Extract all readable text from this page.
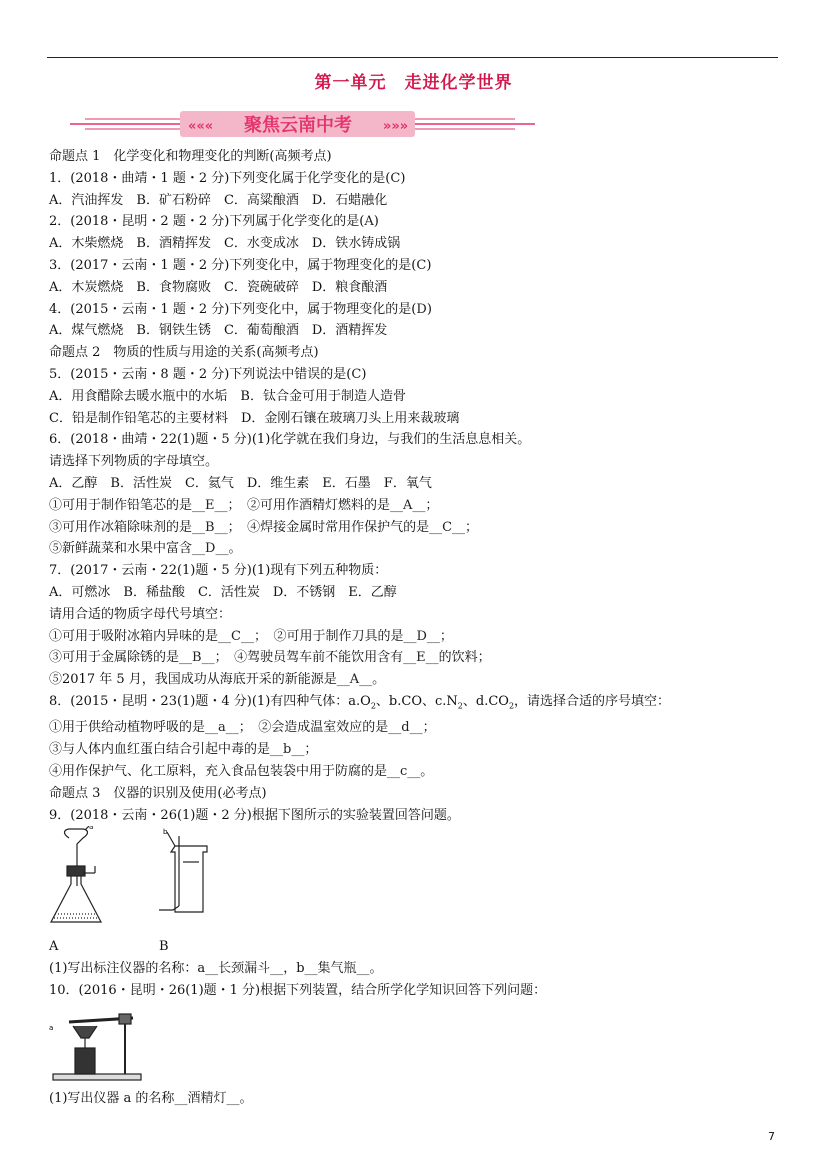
第一单元　走进化学世界
«««	»»»
聚焦云南中考
命题点 1　化学变化和物理变化的判断(高频考点)
1．(2018・曲靖・1 题・2 分)下列变化属于化学变化的是(C)
A．汽油挥发　B．矿石粉碎　C．高粱酿酒　D．石蜡融化
2．(2018・昆明・2 题・2 分)下列属于化学变化的是(A)
A．木柴燃烧　B．酒精挥发　C．水变成冰　D．铁水铸成锅
3．(2017・云南・1 题・2 分)下列变化中，属于物理变化的是(C)
A．木炭燃烧　B．食物腐败　C．瓷碗破碎　D．粮食酿酒
4．(2015・云南・1 题・2 分)下列变化中，属于物理变化的是(D)
A．煤气燃烧　B．钢铁生锈　C．葡萄酿酒　D．酒精挥发
命题点 2　物质的性质与用途的关系(高频考点)
5．(2015・云南・8 题・2 分)下列说法中错误的是(C)
A．用食醋除去暖水瓶中的水垢　B．钛合金可用于制造人造骨
C．铅是制作铅笔芯的主要材料　D．金刚石镶在玻璃刀头上用来裁玻璃
6．(2018・曲靖・22(1)题・5 分)(1)化学就在我们身边，与我们的生活息息相关。
请选择下列物质的字母填空。
A．乙醇　B．活性炭　C．氦气　D．维生素　E．石墨　F．氧气
①可用于制作铅笔芯的是__E__；　②可用作酒精灯燃料的是__A__；
③可用作冰箱除味剂的是__B__；　④焊接金属时常用作保护气的是__C__；
⑤新鲜蔬菜和水果中富含__D__。
7．(2017・云南・22(1)题・5 分)(1)现有下列五种物质：
A．可燃冰　B．稀盐酸　C．活性炭　D．不锈钢　E．乙醇
请用合适的物质字母代号填空：
①可用于吸附冰箱内异味的是__C__；　②可用于制作刀具的是__D__；
③可用于金属除锈的是__B__；　④驾驶员驾车前不能饮用含有__E__的饮料；
⑤2017 年 5 月，我国成功从海底开采的新能源是__A__。
8．(2015・昆明・23(1)题・4 分)(1)有四种气体：$a.O_2$、b.CO、$c.N_2$、$d.CO_2$，请选择合适的序号填空：
①用于供给动植物呼吸的是__a__；　②会造成温室效应的是__d__；
③与人体内血红蛋白结合引起中毒的是__b__；
④用作保护气、化工原料，充入食品包装袋中用于防腐的是__c__。
命题点 3　仪器的识别及使用(必考点)
9．(2018・云南・26(1)题・2 分)根据下图所示的实验装置回答问题。
a
b
A	B
(1)写出标注仪器的名称：a__长颈漏斗__，b__集气瓶__。
10．(2016・昆明・26(1)题・1 分)根据下列装置，结合所学化学知识回答下列问题：
a
(1)写出仪器 a 的名称__酒精灯__。
7
